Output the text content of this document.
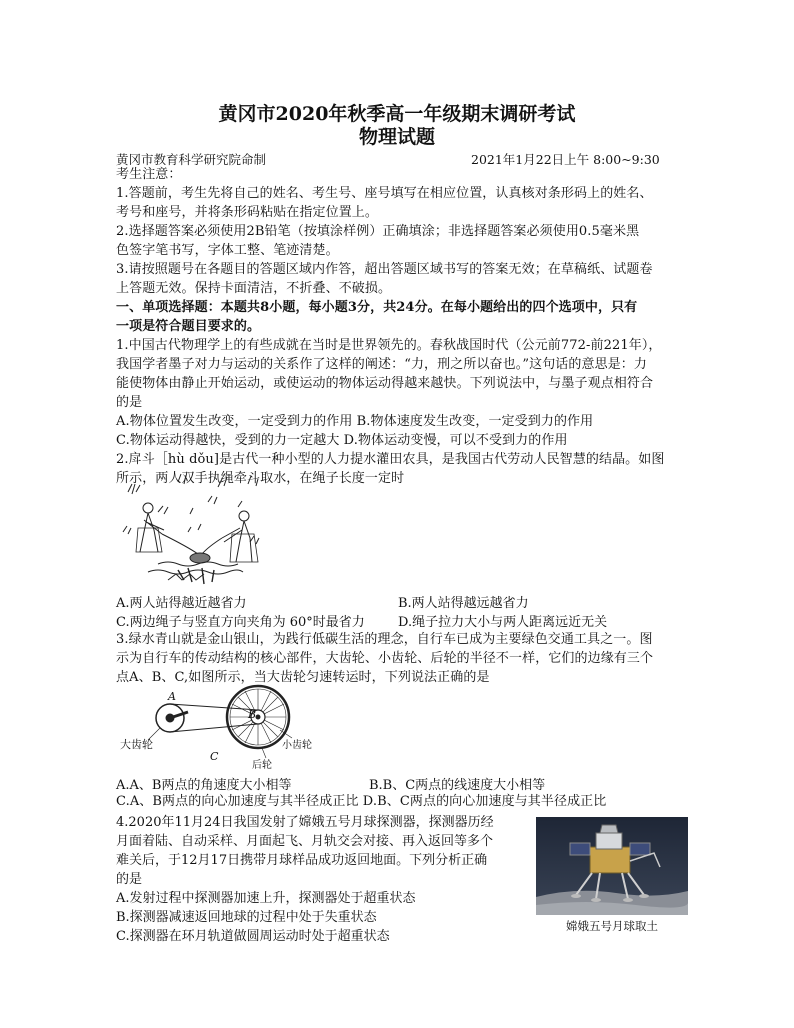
黄冈市2020年秋季高一年级期末调研考试
物理试题
黄冈市教育科学研究院命制	2021年1月22日上午 8:00~9:30
考生注意：
1.答题前，考生先将自己的姓名、考生号、座号填写在相应位置，认真核对条形码上的姓名、
考号和座号，并将条形码粘贴在指定位置上。
2.选择题答案必须使用2B铅笔（按填涂样例）正确填涂；非选择题答案必须使用0.5毫米黑
色签字笔书写，字体工整、笔迹清楚。
3.请按照题号在各题目的答题区域内作答，超出答题区域书写的答案无效；在草稿纸、试题卷
上答题无效。保持卡面清洁，不折叠、不破损。
一、单项选择题：本题共8小题，每小题3分，共24分。在每小题给出的四个选项中，只有
一项是符合题目要求的。
1.中国古代物理学上的有些成就在当时是世界领先的。春秋战国时代（公元前772-前221年），
我国学者墨子对力与运动的关系作了这样的阐述：“力，刑之所以奋也。”这句话的意思是：力
能使物体由静止开始运动，或使运动的物体运动得越来越快。下列说法中，与墨子观点相符合
的是
A.物体位置发生改变，一定受到力的作用 B.物体速度发生改变，一定受到力的作用
C.物体运动得越快，受到的力一定越大 D.物体运动变慢，可以不受到力的作用
2.戽斗［hù dǒu]是古代一种小型的人力提水灌田农具，是我国古代劳动人民智慧的结晶。如图
所示，两人双手执绳牵斗取水，在绳子长度一定时
A.两人站得越近越省力	B.两人站得越远越省力
C.两边绳子与竖直方向夹角为 60°时最省力	D.绳子拉力大小与两人距离远近无关
3.绿水青山就是金山银山，为践行低碳生活的理念，自行车已成为主要绿色交通工具之一。图
示为自行车的传动结构的核心部件，大齿轮、小齿轮、后轮的半径不一样，它们的边缘有三个
点A、B、C,如图所示，当大齿轮匀速转运时，下列说法正确的是
A
B
C
大齿轮	小齿轮
后轮
A.A、B两点的角速度大小相等	B.B、C两点的线速度大小相等
C.A、B两点的向心加速度与其半径成正比 D.B、C两点的向心加速度与其半径成正比
4.2020年11月24日我国发射了嫦娥五号月球探测器，探测器历经
月面着陆、自动采样、月面起飞、月轨交会对接、再入返回等多个
难关后，于12月17日携带月球样品成功返回地面。下列分析正确
的是
A.发射过程中探测器加速上升，探测器处于超重状态
B.探测器减速返回地球的过程中处于失重状态
C.探测器在环月轨道做圆周运动时处于超重状态
嫦娥五号月球取土
